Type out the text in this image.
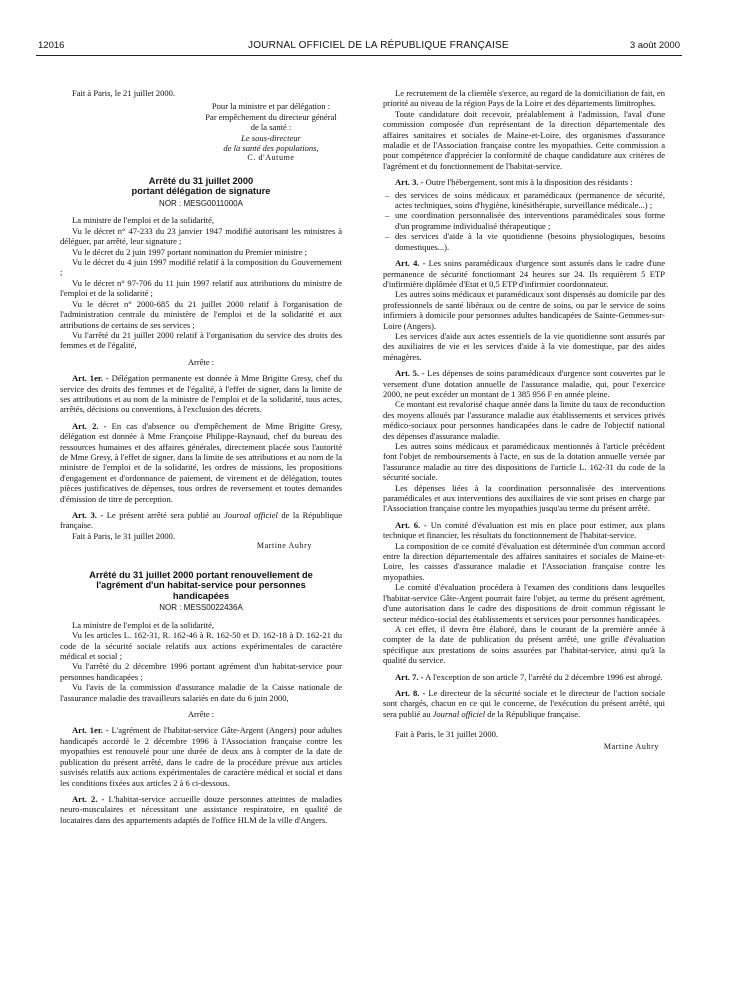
12016	JOURNAL OFFICIEL DE LA RÉPUBLIQUE FRANÇAISE	3 août 2000

Fait à Paris, le 21 juillet 2000.

Pour la ministre et par délégation :

Par empêchement du directeur général

de la santé :

Le sous-directeur

de la santé des populations,

C. d'Autume

Arrêté du 31 juillet 2000
portant délégation de signature
NOR : MESG0011000A

La ministre de l'emploi et de la solidarité,

Vu le décret n° 47-233 du 23 janvier 1947 modifié autorisant les ministres à déléguer, par arrêté, leur signature ;

Vu le décret du 2 juin 1997 portant nomination du Premier ministre ;

Vu le décret du 4 juin 1997 modifié relatif à la composition du Gouvernement ;

Vu le décret n° 97-706 du 11 juin 1997 relatif aux attributions du ministre de l'emploi et de la solidarité ;

Vu le décret n° 2000-685 du 21 juillet 2000 relatif à l'organisation de l'administration centrale du ministère de l'emploi et de la solidarité et aux attributions de certains de ses services ;

Vu l'arrêté du 21 juillet 2000 relatif à l'organisation du service des droits des femmes et de l'égalité,

Arrête :

Art. 1er. - Délégation permanente est donnée à Mme Brigitte Gresy, chef du service des droits des femmes et de l'égalité, à l'effet de signer, dans la limite de ses attributions et au nom de la ministre de l'emploi et de la solidarité, tous actes, arrêtés, décisions ou conventions, à l'exclusion des décrets.

Art. 2. - En cas d'absence ou d'empêchement de Mme Brigitte Gresy, délégation est donnée à Mme Françoise Philippe-Raynaud, chef du bureau des ressources humaines et des affaires générales, directement placée sous l'autorité de Mme Gresy, à l'effet de signer, dans la limite de ses attributions et au nom de la ministre de l'emploi et de la solidarité, les ordres de missions, les propositions d'engagement et d'ordonnance de paiement, de virement et de délégation, toutes pièces justificatives de dépenses, tous ordres de reversement et toutes demandes d'émission de titre de perception.

Art. 3. - Le présent arrêté sera publié au Journal officiel de la République française.

Fait à Paris, le 31 juillet 2000.

Martine Aubry

Arrêté du 31 juillet 2000 portant renouvellement de
l'agrément d'un habitat-service pour personnes
handicapées
NOR : MESS0022436A

La ministre de l'emploi et de la solidarité,

Vu les articles L. 162-31, R. 162-46 à R. 162-50 et D. 162-18 à D. 162-21 du code de la sécurité sociale relatifs aux actions expérimentales de caractère médical et social ;

Vu l'arrêté du 2 décembre 1996 portant agrément d'un habitat-service pour personnes handicapées ;

Vu l'avis de la commission d'assurance maladie de la Caisse nationale de l'assurance maladie des travailleurs salariés en date du 6 juin 2000,

Arrête :

Art. 1er. - L'agrément de l'habitat-service Gâte-Argent (Angers) pour adultes handicapés accordé le 2 décembre 1996 à l'Association française contre les myopathies est renouvelé pour une durée de deux ans à compter de la date de publication du présent arrêté, dans le cadre de la procédure prévue aux articles susvisés relatifs aux actions expérimentales de caractère médical et social et dans les conditions fixées aux articles 2 à 6 ci-dessous.

Art. 2. - L'habitat-service accueille douze personnes atteintes de maladies neuro-musculaires et nécessitant une assistance respiratoire, en qualité de locataires dans des appartements adaptés de l'office HLM de la ville d'Angers.

Le recrutement de la clientèle s'exerce, au regard de la domiciliation de fait, en priorité au niveau de la région Pays de la Loire et des départements limitrophes.

Toute candidature doit recevoir, préalablement à l'admission, l'aval d'une commission composée d'un représentant de la direction départementale des affaires sanitaires et sociales de Maine-et-Loire, des organismes d'assurance maladie et de l'Association française contre les myopathies. Cette commission a pour compétence d'apprécier la conformité de chaque candidature aux critères de l'agrément et du fonctionnement de l'habitat-service.

Art. 3. - Outre l'hébergement, sont mis à la disposition des résidants :

– des services de soins médicaux et paramédicaux (permanence de sécurité, actes techniques, soins d'hygiène, kinésithérapie, surveillance médicale...) ;
– une coordination personnalisée des interventions paramédicales sous forme d'un programme individualisé thérapeutique ;
– des services d'aide à la vie quotidienne (besoins physiologiques, besoins domestiques...).

Art. 4. - Les soins paramédicaux d'urgence sont assurés dans le cadre d'une permanence de sécurité fonctionnant 24 heures sur 24. Ils requièrent 5 ETP d'infirmière diplômée d'Etat et 0,5 ETP d'infirmier coordonnateur.

Les autres soins médicaux et paramédicaux sont dispensés au domicile par des professionnels de santé libéraux ou de centre de soins, ou par le service de soins infirmiers à domicile pour personnes adultes handicapées de Sainte-Gemmes-sur-Loire (Angers).

Les services d'aide aux actes essentiels de la vie quotidienne sont assurés par des auxiliaires de vie et les services d'aide à la vie domestique, par des aides ménagères.

Art. 5. - Les dépenses de soins paramédicaux d'urgence sont couvertes par le versement d'une dotation annuelle de l'assurance maladie, qui, pour l'exercice 2000, ne peut excéder un montant de 1 385 956 F en année pleine.

Ce montant est revalorisé chaque année dans la limite du taux de reconduction des moyens alloués par l'assurance maladie aux établissements et services privés médico-sociaux pour personnes handicapées dans le cadre de l'objectif national des dépenses d'assurance maladie.

Les autres soins médicaux et paramédicaux mentionnés à l'article précédent font l'objet de remboursements à l'acte, en sus de la dotation annuelle versée par l'assurance maladie au titre des dispositions de l'article L. 162-31 du code de la sécurité sociale.

Les dépenses liées à la coordination personnalisée des interventions paramédicales et aux interventions des auxiliaires de vie sont prises en charge par l'Association française contre les myopathies jusqu'au terme du présent arrêté.

Art. 6. - Un comité d'évaluation est mis en place pour estimer, aux plans technique et financier, les résultats du fonctionnement de l'habitat-service.

La composition de ce comité d'évaluation est déterminée d'un commun accord entre la direction départementale des affaires sanitaires et sociales de Maine-et-Loire, les caisses d'assurance maladie et l'Association française contre les myopathies.

Le comité d'évaluation procédera à l'examen des conditions dans lesquelles l'habitat-service Gâte-Argent pourrait faire l'objet, au terme du présent agrément, d'une autorisation dans le cadre des dispositions de droit commun régissant le secteur médico-social des établissements et services pour personnes handicapées.

A cet effet, il devra être élaboré, dans le courant de la première année à compter de la date de publication du présent arrêté, une grille d'évaluation spécifique aux prestations de soins assurées par l'habitat-service, ainsi qu'à la qualité du service.

Art. 7. - A l'exception de son article 7, l'arrêté du 2 décembre 1996 est abrogé.

Art. 8. - Le directeur de la sécurité sociale et le directeur de l'action sociale sont chargés, chacun en ce qui le concerne, de l'exécution du présent arrêté, qui sera publié au Journal officiel de la République française.

Fait à Paris, le 31 juillet 2000.

Martine Aubry
